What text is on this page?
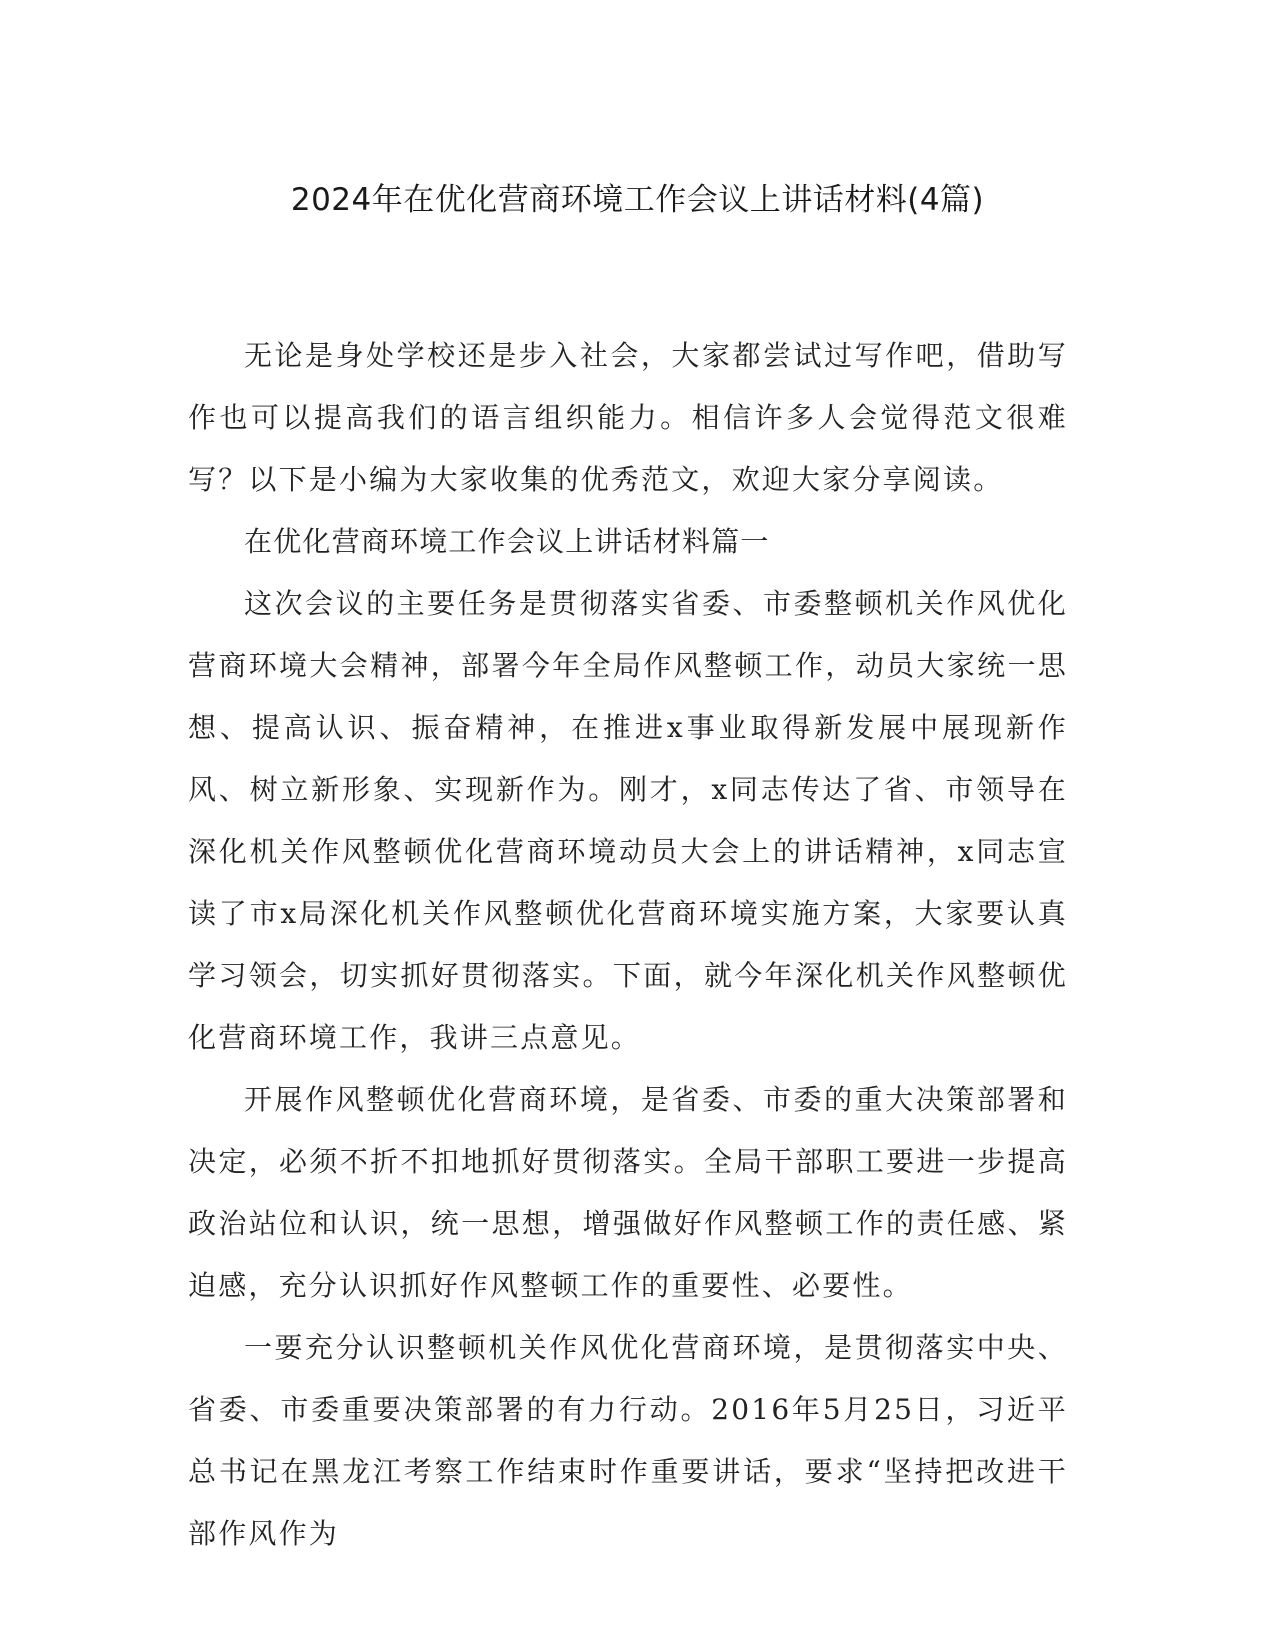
2024年在优化营商环境工作会议上讲话材料(4篇)

无论是身处学校还是步入社会，大家都尝试过写作吧，借助写作也可以提高我们的语言组织能力。相信许多人会觉得范文很难写？以下是小编为大家收集的优秀范文，欢迎大家分享阅读。

在优化营商环境工作会议上讲话材料篇一

这次会议的主要任务是贯彻落实省委、市委整顿机关作风优化营商环境大会精神，部署今年全局作风整顿工作，动员大家统一思想、提高认识、振奋精神，在推进x事业取得新发展中展现新作风、树立新形象、实现新作为。刚才，x同志传达了省、市领导在深化机关作风整顿优化营商环境动员大会上的讲话精神，x同志宣读了市x局深化机关作风整顿优化营商环境实施方案，大家要认真学习领会，切实抓好贯彻落实。下面，就今年深化机关作风整顿优化营商环境工作，我讲三点意见。

开展作风整顿优化营商环境，是省委、市委的重大决策部署和决定，必须不折不扣地抓好贯彻落实。全局干部职工要进一步提高政治站位和认识，统一思想，增强做好作风整顿工作的责任感、紧迫感，充分认识抓好作风整顿工作的重要性、必要性。

一要充分认识整顿机关作风优化营商环境，是贯彻落实中央、省委、市委重要决策部署的有力行动。2016年5月25日，习近平总书记在黑龙江考察工作结束时作重要讲话，要求“坚持把改进干部作风作为
